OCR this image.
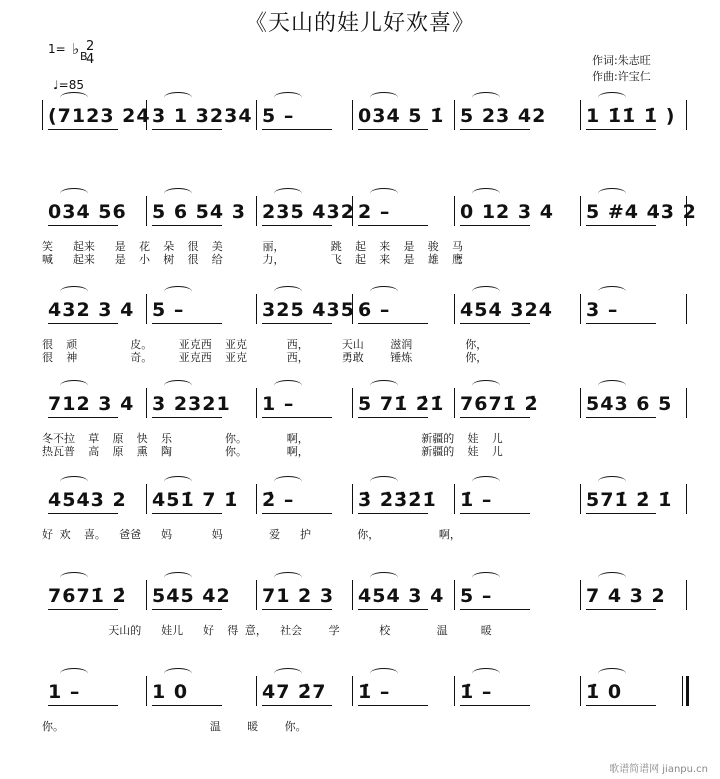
《天山的娃儿好欢喜》
1= ♭ B
2
4
♩=85
作词:朱志旺
作曲:许宝仁
(7123 24 3 1 3234 5 –	034 5 1̇ 5 23 42 1 1̇1̇ 1̇ )
034 56 5 6 54 3 235 432 2 –	0 12 3 4 5 #4 43 2
笑   起来   是  花  朵  很  美      丽，       跳  起  来  是  骏  马
喊   起来   是  小  树  很  给      力，       飞  起  来  是  雄  鹰
432 3 4 5 –	325 435 6 –	454 324 3 –
很  顽        皮。    亚克西  亚克      西，     天山    滋润        你，
很  神        奇。    亚克西  亚克      西，     勇敢    锤炼        你，
712 3 4 3 2321 1 –	5 71̇ 2̇1̇ 7671̇ 2̇ 543 6 5
冬不拉  草  原  快  乐        你。      啊，                 新疆的  娃  儿
热瓦普  高  原  熏  陶        你。      啊，                 新疆的  娃  儿
4543 2 451̇ 7 1̇ 2̇ –	3̇ 2̇3̇2̇1̇ 1̇ –	571̇ 2̇ 1̇
好 欢  喜。  爸爸   妈      妈       爱   护       你，         啊，
7671̇ 2̇ 545 42 71 2 3 454 3 4 5 –	7 4 3 2
天山的   娃儿   好  得 意，  社会    学      校       温     暖
1 –	1 0	47 2̇7 1̇ –	1̇ –	1̇ 0
你。                      温    暖    你。
歌谱简谱网 jianpu.cn
